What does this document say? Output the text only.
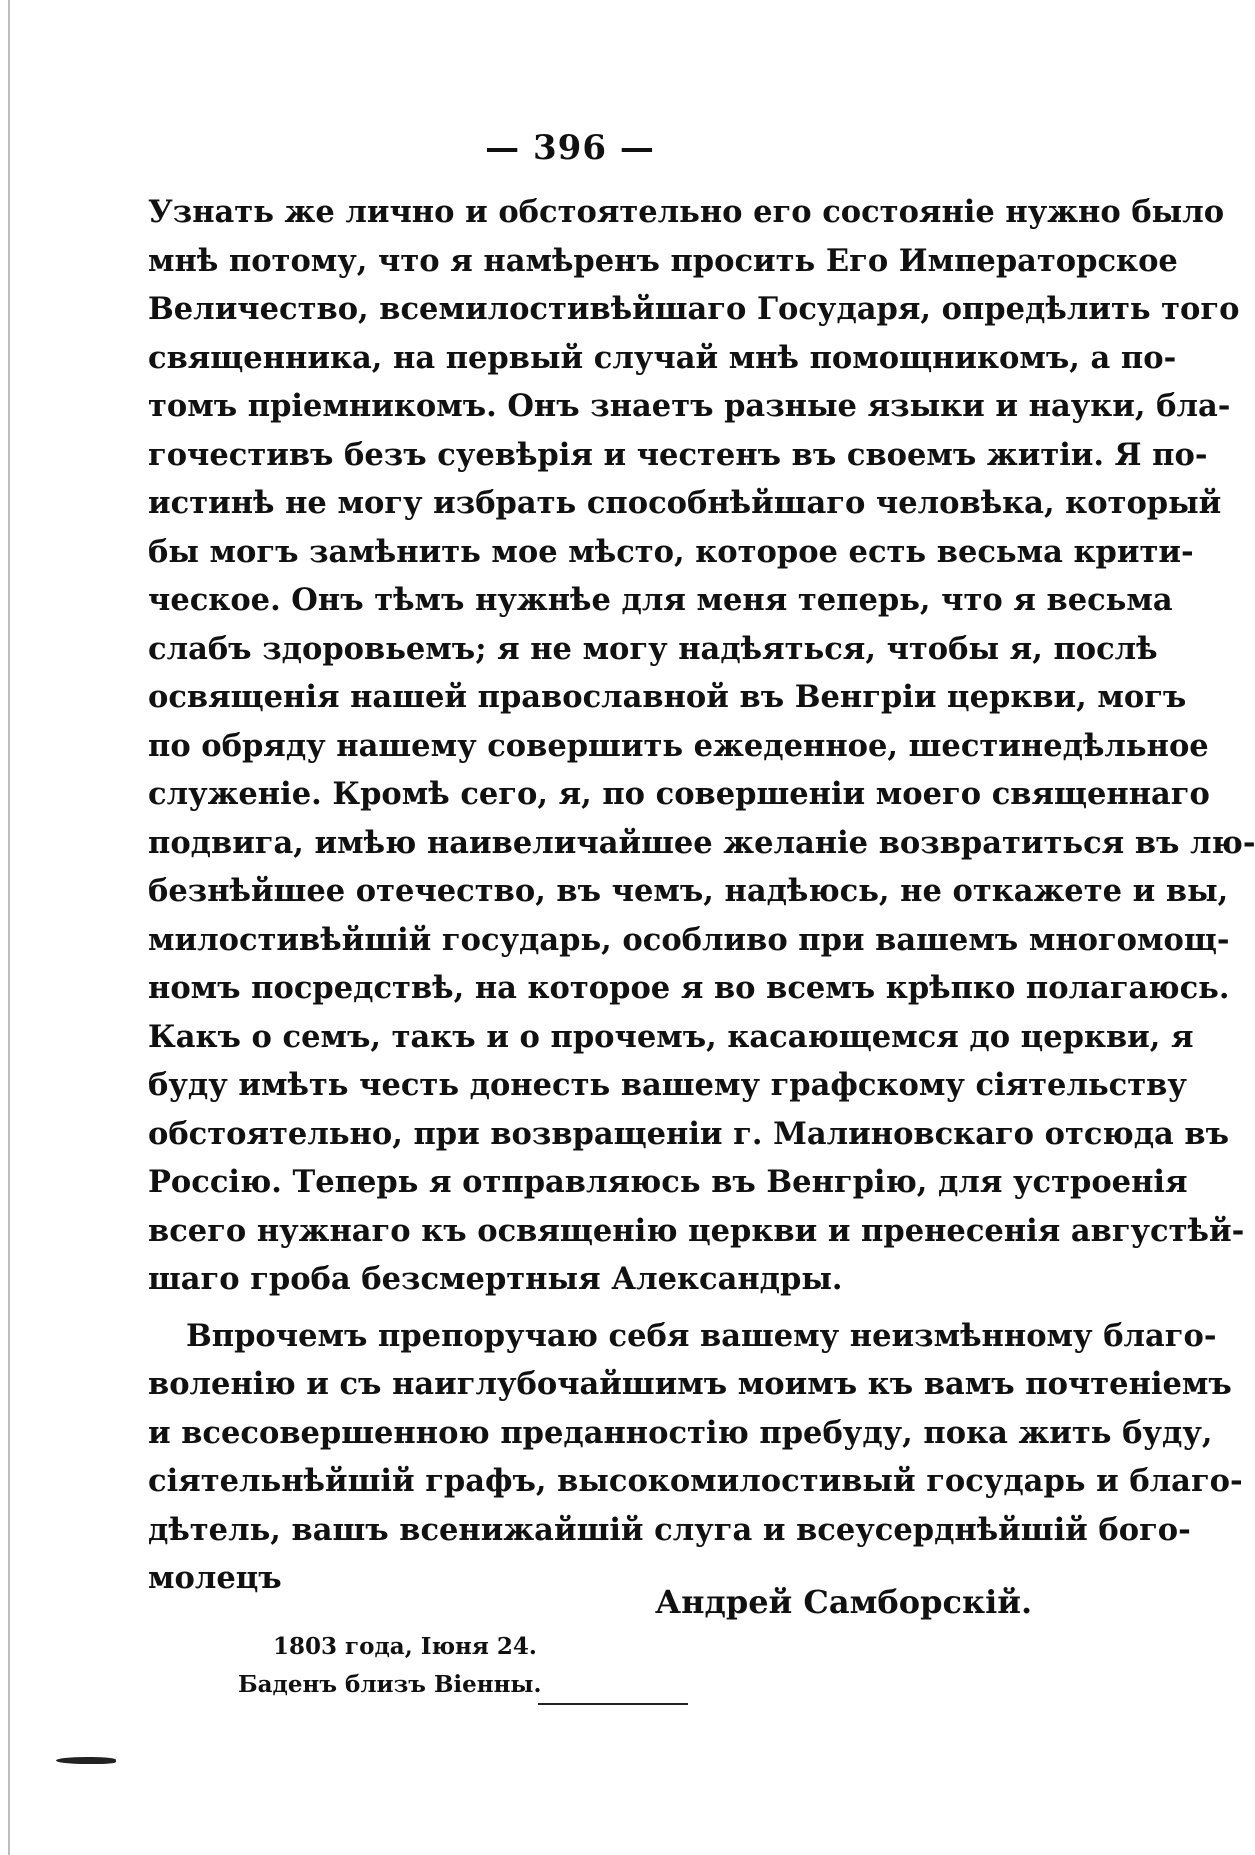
— 396 —
Узнать же лично и обстоятельно его состояніе нужно было
мнѣ потому, что я намѣренъ просить Его Императорское
Величество, всемилостивѣйшаго Государя, опредѣлить того
священника, на первый случай мнѣ помощникомъ, а по-
томъ пріемникомъ. Онъ знаетъ разные языки и науки, бла-
гочестивъ безъ суевѣрія и честенъ въ своемъ житіи. Я по-
истинѣ не могу избрать способнѣйшаго человѣка, который
бы могъ замѣнить мое мѣсто, которое есть весьма крити-
ческое. Онъ тѣмъ нужнѣе для меня теперь, что я весьма
слабъ здоровьемъ; я не могу надѣяться, чтобы я, послѣ
освященія нашей православной въ Венгріи церкви, могъ
по обряду нашему совершить ежеденное, шестинедѣльное
служеніе. Кромѣ сего, я, по совершеніи моего священнаго
подвига, имѣю наивеличайшее желаніе возвратиться въ лю-
безнѣйшее отечество, въ чемъ, надѣюсь, не откажете и вы,
милостивѣйшій государь, особливо при вашемъ многомощ-
номъ посредствѣ, на которое я во всемъ крѣпко полагаюсь.
Какъ о семъ, такъ и о прочемъ, касающемся до церкви, я
буду имѣть честь донесть вашему графскому сіятельству
обстоятельно, при возвращеніи г. Малиновскаго отсюда въ
Россію. Теперь я отправляюсь въ Венгрію, для устроенія
всего нужнаго къ освященію церкви и пренесенія августѣй-
шаго гроба безсмертныя Александры.
Впрочемъ препоручаю себя вашему неизмѣнному благо-
воленію и съ наиглубочайшимъ моимъ къ вамъ почтеніемъ
и всесовершенною преданностію пребуду, пока жить буду,
сіятельнѣйшій графъ, высокомилостивый государь и благо-
дѣтель, вашъ всенижайшій слуга и всеусерднѣйшій бого-
молецъ
Андрей Самборскій.
1803 года, Іюня 24.
Баденъ близъ Віенны.
